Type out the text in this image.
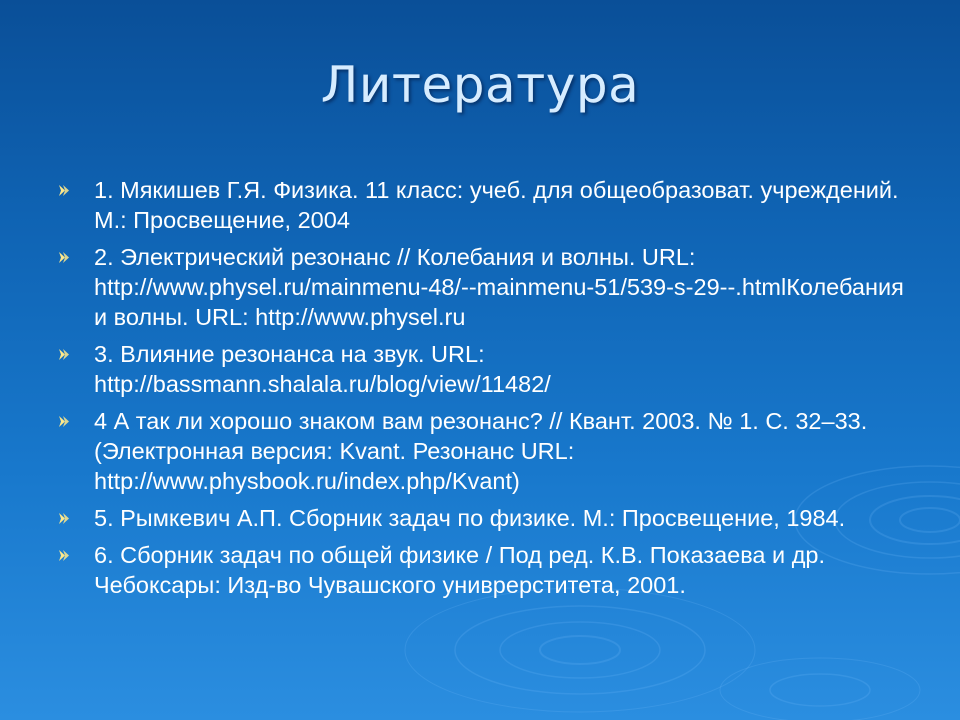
Литература
1. Мякишев Г.Я. Физика. 11 класс: учеб. для общеобразоват. учреждений. М.: Просвещение, 2004
2. Электрический резонанс // Колебания и волны. URL: http://www.physel.ru/mainmenu-48/--mainmenu-51/539-s-29--.htmlКолебания и волны. URL: http://www.physel.ru
3. Влияние резонанса на звук. URL: http://bassmann.shalala.ru/blog/view/11482/
4 А так ли хорошо знаком вам резонанс? // Квант. 2003. № 1. С. 32–33. (Электронная версия: Kvant. Резонанс URL: http://www.physbook.ru/index.php/Kvant)
5. Рымкевич А.П. Сборник задач по физике. М.: Просвещение, 1984.
6. Сборник задач по общей физике / Под ред. К.В. Показаева и др. Чебоксары: Изд-во Чувашского униврерститета, 2001.
